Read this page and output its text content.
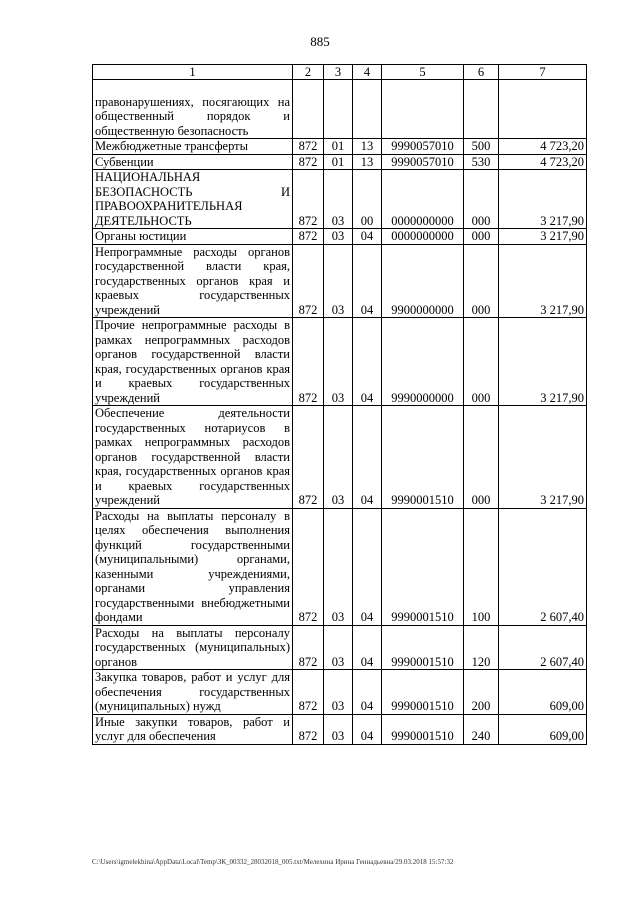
885
1	2	3	4	5	6	7
правонарушениях, посягающих на общественный порядок и общественную безопасность						
Межбюджетные трансферты	872	01	13	9990057010	500	4 723,20
Субвенции	872	01	13	9990057010	530	4 723,20
НАЦИОНАЛЬНАЯ БЕЗОПАСНОСТЬ И ПРАВООХРАНИТЕЛЬНАЯ ДЕЯТЕЛЬНОСТЬ	872	03	00	0000000000	000	3 217,90
Органы юстиции	872	03	04	0000000000	000	3 217,90
Непрограммные расходы органов государственной власти края, государственных органов края и краевых государственных учреждений	872	03	04	9900000000	000	3 217,90
Прочие непрограммные расходы в рамках непрограммных расходов органов государственной власти края, государственных органов края и краевых государственных учреждений	872	03	04	9990000000	000	3 217,90
Обеспечение деятельности государственных нотариусов в рамках непрограммных расходов органов государственной власти края, государственных органов края и краевых государственных учреждений	872	03	04	9990001510	000	3 217,90
Расходы на выплаты персоналу в целях обеспечения выполнения функций государственными (муниципальными) органами, казенными учреждениями, органами управления государственными внебюджетными фондами	872	03	04	9990001510	100	2 607,40
Расходы на выплаты персоналу государственных (муниципальных) органов	872	03	04	9990001510	120	2 607,40
Закупка товаров, работ и услуг для обеспечения государственных (муниципальных) нужд	872	03	04	9990001510	200	609,00
Иные закупки товаров, работ и услуг для обеспечения	872	03	04	9990001510	240	609,00
C:\Users\igmelekhina\AppData\Local\Temp\ЗК_00332_28032018_005.txt/Мелехина Ирина Геннадьевна/29.03.2018 15:57:32
